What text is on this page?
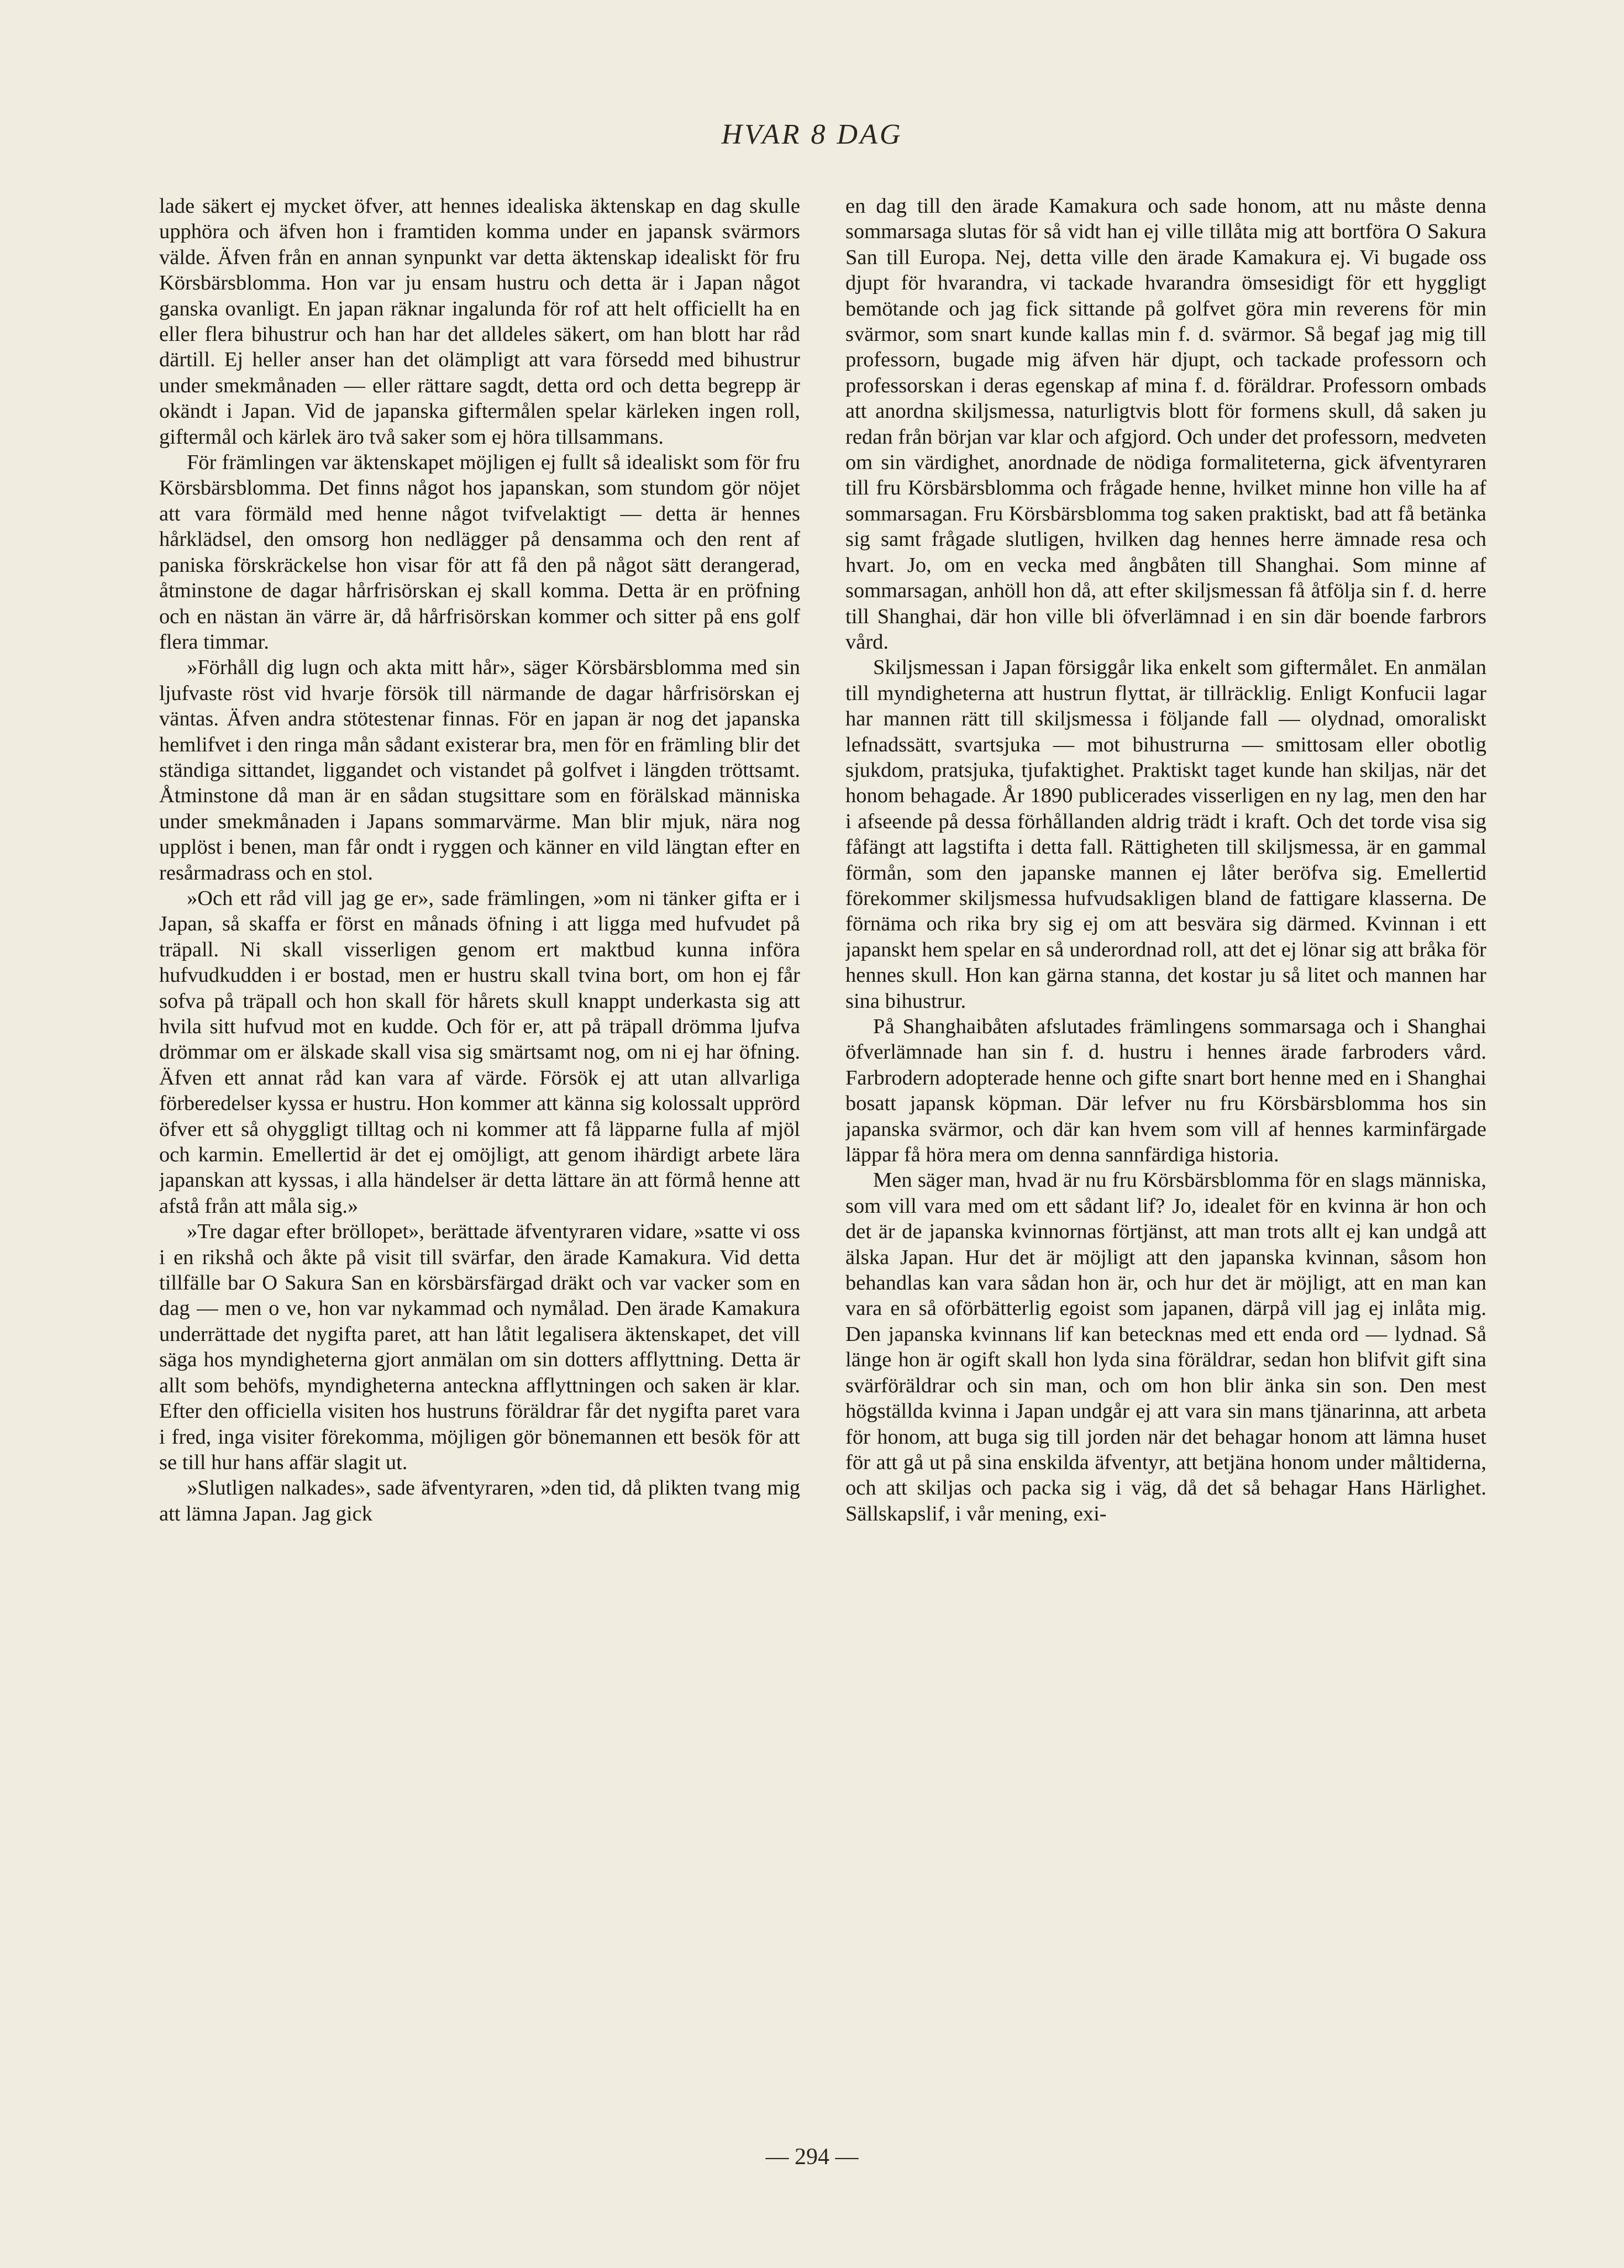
HVAR 8 DAG

lade säkert ej mycket öfver, att hennes idealiska äktenskap en dag skulle upphöra och äfven hon i framtiden komma under en japansk svärmors välde. Äfven från en annan synpunkt var detta äktenskap idealiskt för fru Körsbärsblomma. Hon var ju ensam hustru och detta är i Japan något ganska ovanligt. En japan räknar ingalunda för rof att helt officiellt ha en eller flera bihustrur och han har det alldeles säkert, om han blott har råd därtill. Ej heller anser han det olämpligt att vara försedd med bihustrur under smekmånaden — eller rättare sagdt, detta ord och detta begrepp är okändt i Japan. Vid de japanska giftermålen spelar kärleken ingen roll, giftermål och kärlek äro två saker som ej höra tillsammans.

För främlingen var äktenskapet möjligen ej fullt så idealiskt som för fru Körsbärsblomma. Det finns något hos japanskan, som stundom gör nöjet att vara förmäld med henne något tvifvelaktigt — detta är hennes hårklädsel, den omsorg hon nedlägger på densamma och den rent af paniska förskräckelse hon visar för att få den på något sätt derangerad, åtminstone de dagar hårfrisörskan ej skall komma. Detta är en pröfning och en nästan än värre är, då hårfrisörskan kommer och sitter på ens golf flera timmar.

»Förhåll dig lugn och akta mitt hår», säger Körsbärsblomma med sin ljufvaste röst vid hvarje försök till närmande de dagar hårfrisörskan ej väntas. Äfven andra stötestenar finnas. För en japan är nog det japanska hemlifvet i den ringa mån sådant existerar bra, men för en främling blir det ständiga sittandet, liggandet och vistandet på golfvet i längden tröttsamt. Åtminstone då man är en sådan stugsittare som en förälskad människa under smekmånaden i Japans sommarvärme. Man blir mjuk, nära nog upplöst i benen, man får ondt i ryggen och känner en vild längtan efter en resårmadrass och en stol.

»Och ett råd vill jag ge er», sade främlingen, »om ni tänker gifta er i Japan, så skaffa er först en månads öfning i att ligga med hufvudet på träpall. Ni skall visserligen genom ert maktbud kunna införa hufvudkudden i er bostad, men er hustru skall tvina bort, om hon ej får sofva på träpall och hon skall för hårets skull knappt underkasta sig att hvila sitt hufvud mot en kudde. Och för er, att på träpall drömma ljufva drömmar om er älskade skall visa sig smärtsamt nog, om ni ej har öfning. Äfven ett annat råd kan vara af värde. Försök ej att utan allvarliga förberedelser kyssa er hustru. Hon kommer att känna sig kolossalt upprörd öfver ett så ohyggligt tilltag och ni kommer att få läpparne fulla af mjöl och karmin. Emellertid är det ej omöjligt, att genom ihärdigt arbete lära japanskan att kyssas, i alla händelser är detta lättare än att förmå henne att afstå från att måla sig.»

»Tre dagar efter bröllopet», berättade äfventyraren vidare, »satte vi oss i en rikshå och åkte på visit till svärfar, den ärade Kamakura. Vid detta tillfälle bar O Sakura San en körsbärsfärgad dräkt och var vacker som en dag — men o ve, hon var nykammad och nymålad. Den ärade Kamakura underrättade det nygifta paret, att han låtit legalisera äktenskapet, det vill säga hos myndigheterna gjort anmälan om sin dotters afflyttning. Detta är allt som behöfs, myndigheterna anteckna afflyttningen och saken är klar. Efter den officiella visiten hos hustruns föräldrar får det nygifta paret vara i fred, inga visiter förekomma, möjligen gör bönemannen ett besök för att se till hur hans affär slagit ut.

»Slutligen nalkades», sade äfventyraren, »den tid, då plikten tvang mig att lämna Japan. Jag gick

en dag till den ärade Kamakura och sade honom, att nu måste denna sommarsaga slutas för så vidt han ej ville tillåta mig att bortföra O Sakura San till Europa. Nej, detta ville den ärade Kamakura ej. Vi bugade oss djupt för hvarandra, vi tackade hvarandra ömsesidigt för ett hyggligt bemötande och jag fick sittande på golfvet göra min reverens för min svärmor, som snart kunde kallas min f. d. svärmor. Så begaf jag mig till professorn, bugade mig äfven här djupt, och tackade professorn och professorskan i deras egenskap af mina f. d. föräldrar. Professorn ombads att anordna skiljsmessa, naturligtvis blott för formens skull, då saken ju redan från början var klar och afgjord. Och under det professorn, medveten om sin värdighet, anordnade de nödiga formaliteterna, gick äfventyraren till fru Körsbärsblomma och frågade henne, hvilket minne hon ville ha af sommarsagan. Fru Körsbärsblomma tog saken praktiskt, bad att få betänka sig samt frågade slutligen, hvilken dag hennes herre ämnade resa och hvart. Jo, om en vecka med ångbåten till Shanghai. Som minne af sommarsagan, anhöll hon då, att efter skiljsmessan få åtfölja sin f. d. herre till Shanghai, där hon ville bli öfverlämnad i en sin där boende farbrors vård.

Skiljsmessan i Japan försiggår lika enkelt som giftermålet. En anmälan till myndigheterna att hustrun flyttat, är tillräcklig. Enligt Konfucii lagar har mannen rätt till skiljsmessa i följande fall — olydnad, omoraliskt lefnadssätt, svartsjuka — mot bihustrurna — smittosam eller obotlig sjukdom, pratsjuka, tjufaktighet. Praktiskt taget kunde han skiljas, när det honom behagade. År 1890 publicerades visserligen en ny lag, men den har i afseende på dessa förhållanden aldrig trädt i kraft. Och det torde visa sig fåfängt att lagstifta i detta fall. Rättigheten till skiljsmessa, är en gammal förmån, som den japanske mannen ej låter beröfva sig. Emellertid förekommer skiljsmessa hufvudsakligen bland de fattigare klasserna. De förnäma och rika bry sig ej om att besvära sig därmed. Kvinnan i ett japanskt hem spelar en så underordnad roll, att det ej lönar sig att bråka för hennes skull. Hon kan gärna stanna, det kostar ju så litet och mannen har sina bihustrur.

På Shanghaibåten afslutades främlingens sommarsaga och i Shanghai öfverlämnade han sin f. d. hustru i hennes ärade farbroders vård. Farbrodern adopterade henne och gifte snart bort henne med en i Shanghai bosatt japansk köpman. Där lefver nu fru Körsbärsblomma hos sin japanska svärmor, och där kan hvem som vill af hennes karminfärgade läppar få höra mera om denna sannfärdiga historia.

Men säger man, hvad är nu fru Körsbärsblomma för en slags människa, som vill vara med om ett sådant lif? Jo, idealet för en kvinna är hon och det är de japanska kvinnornas förtjänst, att man trots allt ej kan undgå att älska Japan. Hur det är möjligt att den japanska kvinnan, såsom hon behandlas kan vara sådan hon är, och hur det är möjligt, att en man kan vara en så oförbätterlig egoist som japanen, därpå vill jag ej inlåta mig. Den japanska kvinnans lif kan betecknas med ett enda ord — lydnad. Så länge hon är ogift skall hon lyda sina föräldrar, sedan hon blifvit gift sina svärföräldrar och sin man, och om hon blir änka sin son. Den mest högställda kvinna i Japan undgår ej att vara sin mans tjänarinna, att arbeta för honom, att buga sig till jorden när det behagar honom att lämna huset för att gå ut på sina enskilda äfventyr, att betjäna honom under måltiderna, och att skiljas och packa sig i väg, då det så behagar Hans Härlighet. Sällskapslif, i vår mening, exi-

— 294 —
